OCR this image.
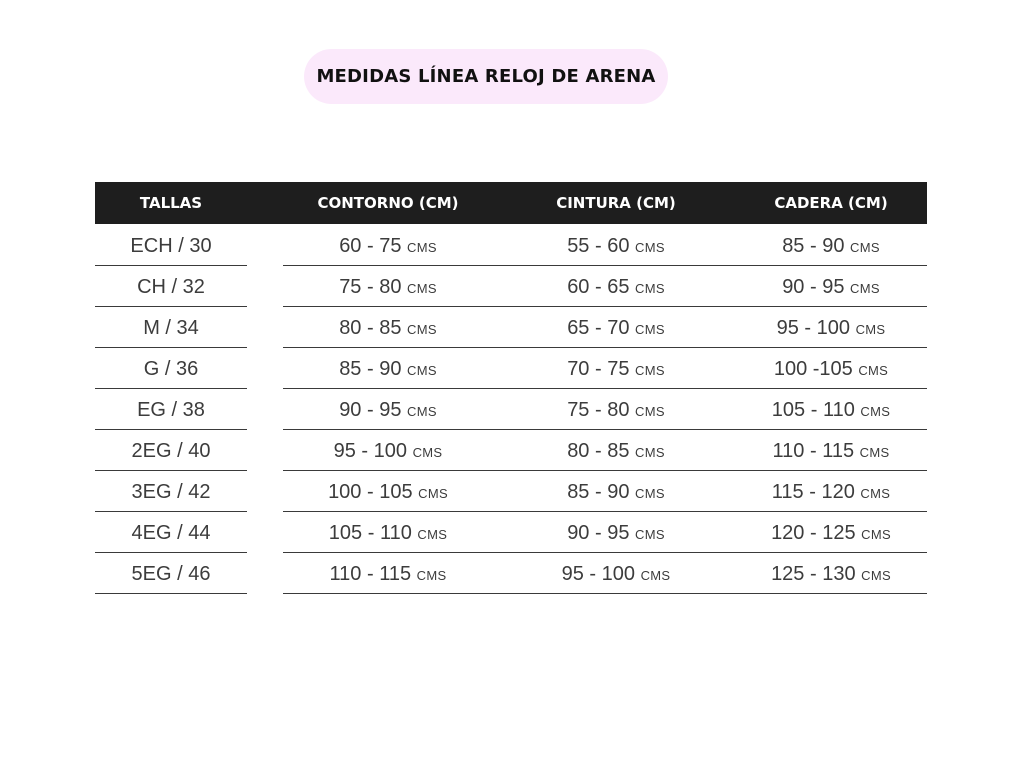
MEDIDAS LÍNEA RELOJ DE ARENA
TALLAS	CONTORNO (CM)	CINTURA (CM)	CADERA (CM)
ECH / 30	60 - 75 CMS	55 - 60 CMS	85 - 90 CMS
CH / 32	75 - 80 CMS	60 - 65 CMS	90 - 95 CMS
M / 34	80 - 85 CMS	65 - 70 CMS	95 - 100 CMS
G / 36	85 - 90 CMS	70 - 75 CMS	100 -105 CMS
EG / 38	90 - 95 CMS	75 - 80 CMS	105 - 110 CMS
2EG / 40	95 - 100 CMS	80 - 85 CMS	110 - 115 CMS
3EG / 42	100 - 105 CMS	85 - 90 CMS	115 - 120 CMS
4EG / 44	105 - 110 CMS	90 - 95 CMS	120 - 125 CMS
5EG / 46	110 - 115 CMS	95 - 100 CMS	125 - 130 CMS
